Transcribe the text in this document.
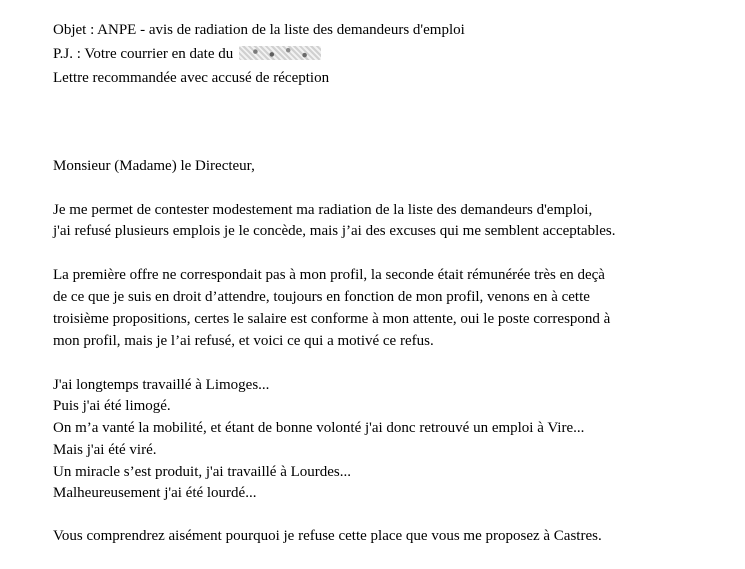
Objet : ANPE - avis de radiation de la liste des demandeurs d'emploi

P.J. : Votre courrier en date du

Lettre recommandée avec accusé de réception

Monsieur (Madame) le Directeur,

Je me permet de contester modestement ma radiation de la liste des demandeurs d'emploi,

j'ai refusé plusieurs emplois je le concède, mais j’ai des excuses qui me semblent acceptables.

La première offre ne correspondait pas à mon profil, la seconde était rémunérée très en deçà

de ce que je suis en droit d’attendre, toujours en fonction de mon profil, venons en à cette

troisième propositions, certes le salaire est conforme à mon attente, oui le poste correspond à

mon profil, mais je l’ai refusé, et voici ce qui a motivé ce refus.

J'ai longtemps travaillé à Limoges...

Puis j'ai été limogé.

On m’a vanté la mobilité, et étant de bonne volonté j'ai donc retrouvé un emploi à Vire...

Mais j'ai été viré.

Un miracle s’est produit, j'ai travaillé à Lourdes...

Malheureusement j'ai été lourdé...

Vous comprendrez aisément pourquoi je refuse cette place que vous me proposez à Castres.
